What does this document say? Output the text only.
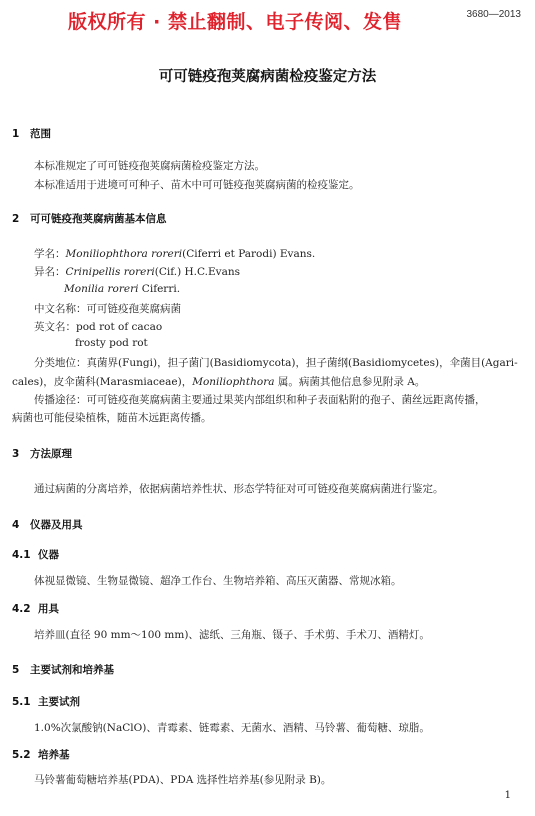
版权所有 · 禁止翻制、电子传阅、发售	3680—2013
可可链疫孢荚腐病菌检疫鉴定方法
1 范围
本标准规定了可可链疫孢荚腐病菌检疫鉴定方法。
本标准适用于进境可可种子、苗木中可可链疫孢荚腐病菌的检疫鉴定。
2 可可链疫孢荚腐病菌基本信息
学名：Moniliophthora roreri(Ciferri et Parodi) Evans.
异名：Crinipellis roreri(Cif.) H.C.Evans
Monilia roreri Ciferri.
中文名称：可可链疫孢荚腐病菌
英文名：pod rot of cacao
frosty pod rot
分类地位：真菌界(Fungi)，担子菌门(Basidiomycota)，担子菌纲(Basidiomycetes)，伞菌目(Agari-
cales)，皮伞菌科(Marasmiaceae)，Moniliophthora 属。病菌其他信息参见附录 A。
传播途径：可可链疫孢荚腐病菌主要通过果荚内部组织和种子表面粘附的孢子、菌丝远距离传播，
病菌也可能侵染植株，随苗木远距离传播。
3 方法原理
通过病菌的分离培养，依据病菌培养性状、形态学特征对可可链疫孢荚腐病菌进行鉴定。
4 仪器及用具
4.1 仪器
体视显微镜、生物显微镜、超净工作台、生物培养箱、高压灭菌器、常规冰箱。
4.2 用具
培养皿(直径 90 mm～100 mm)、滤纸、三角瓶、镊子、手术剪、手术刀、酒精灯。
5 主要试剂和培养基
5.1 主要试剂
1.0%次氯酸钠(NaClO)、青霉素、链霉素、无菌水、酒精、马铃薯、葡萄糖、琼脂。
5.2 培养基
马铃薯葡萄糖培养基(PDA)、PDA 选择性培养基(参见附录 B)。
1
